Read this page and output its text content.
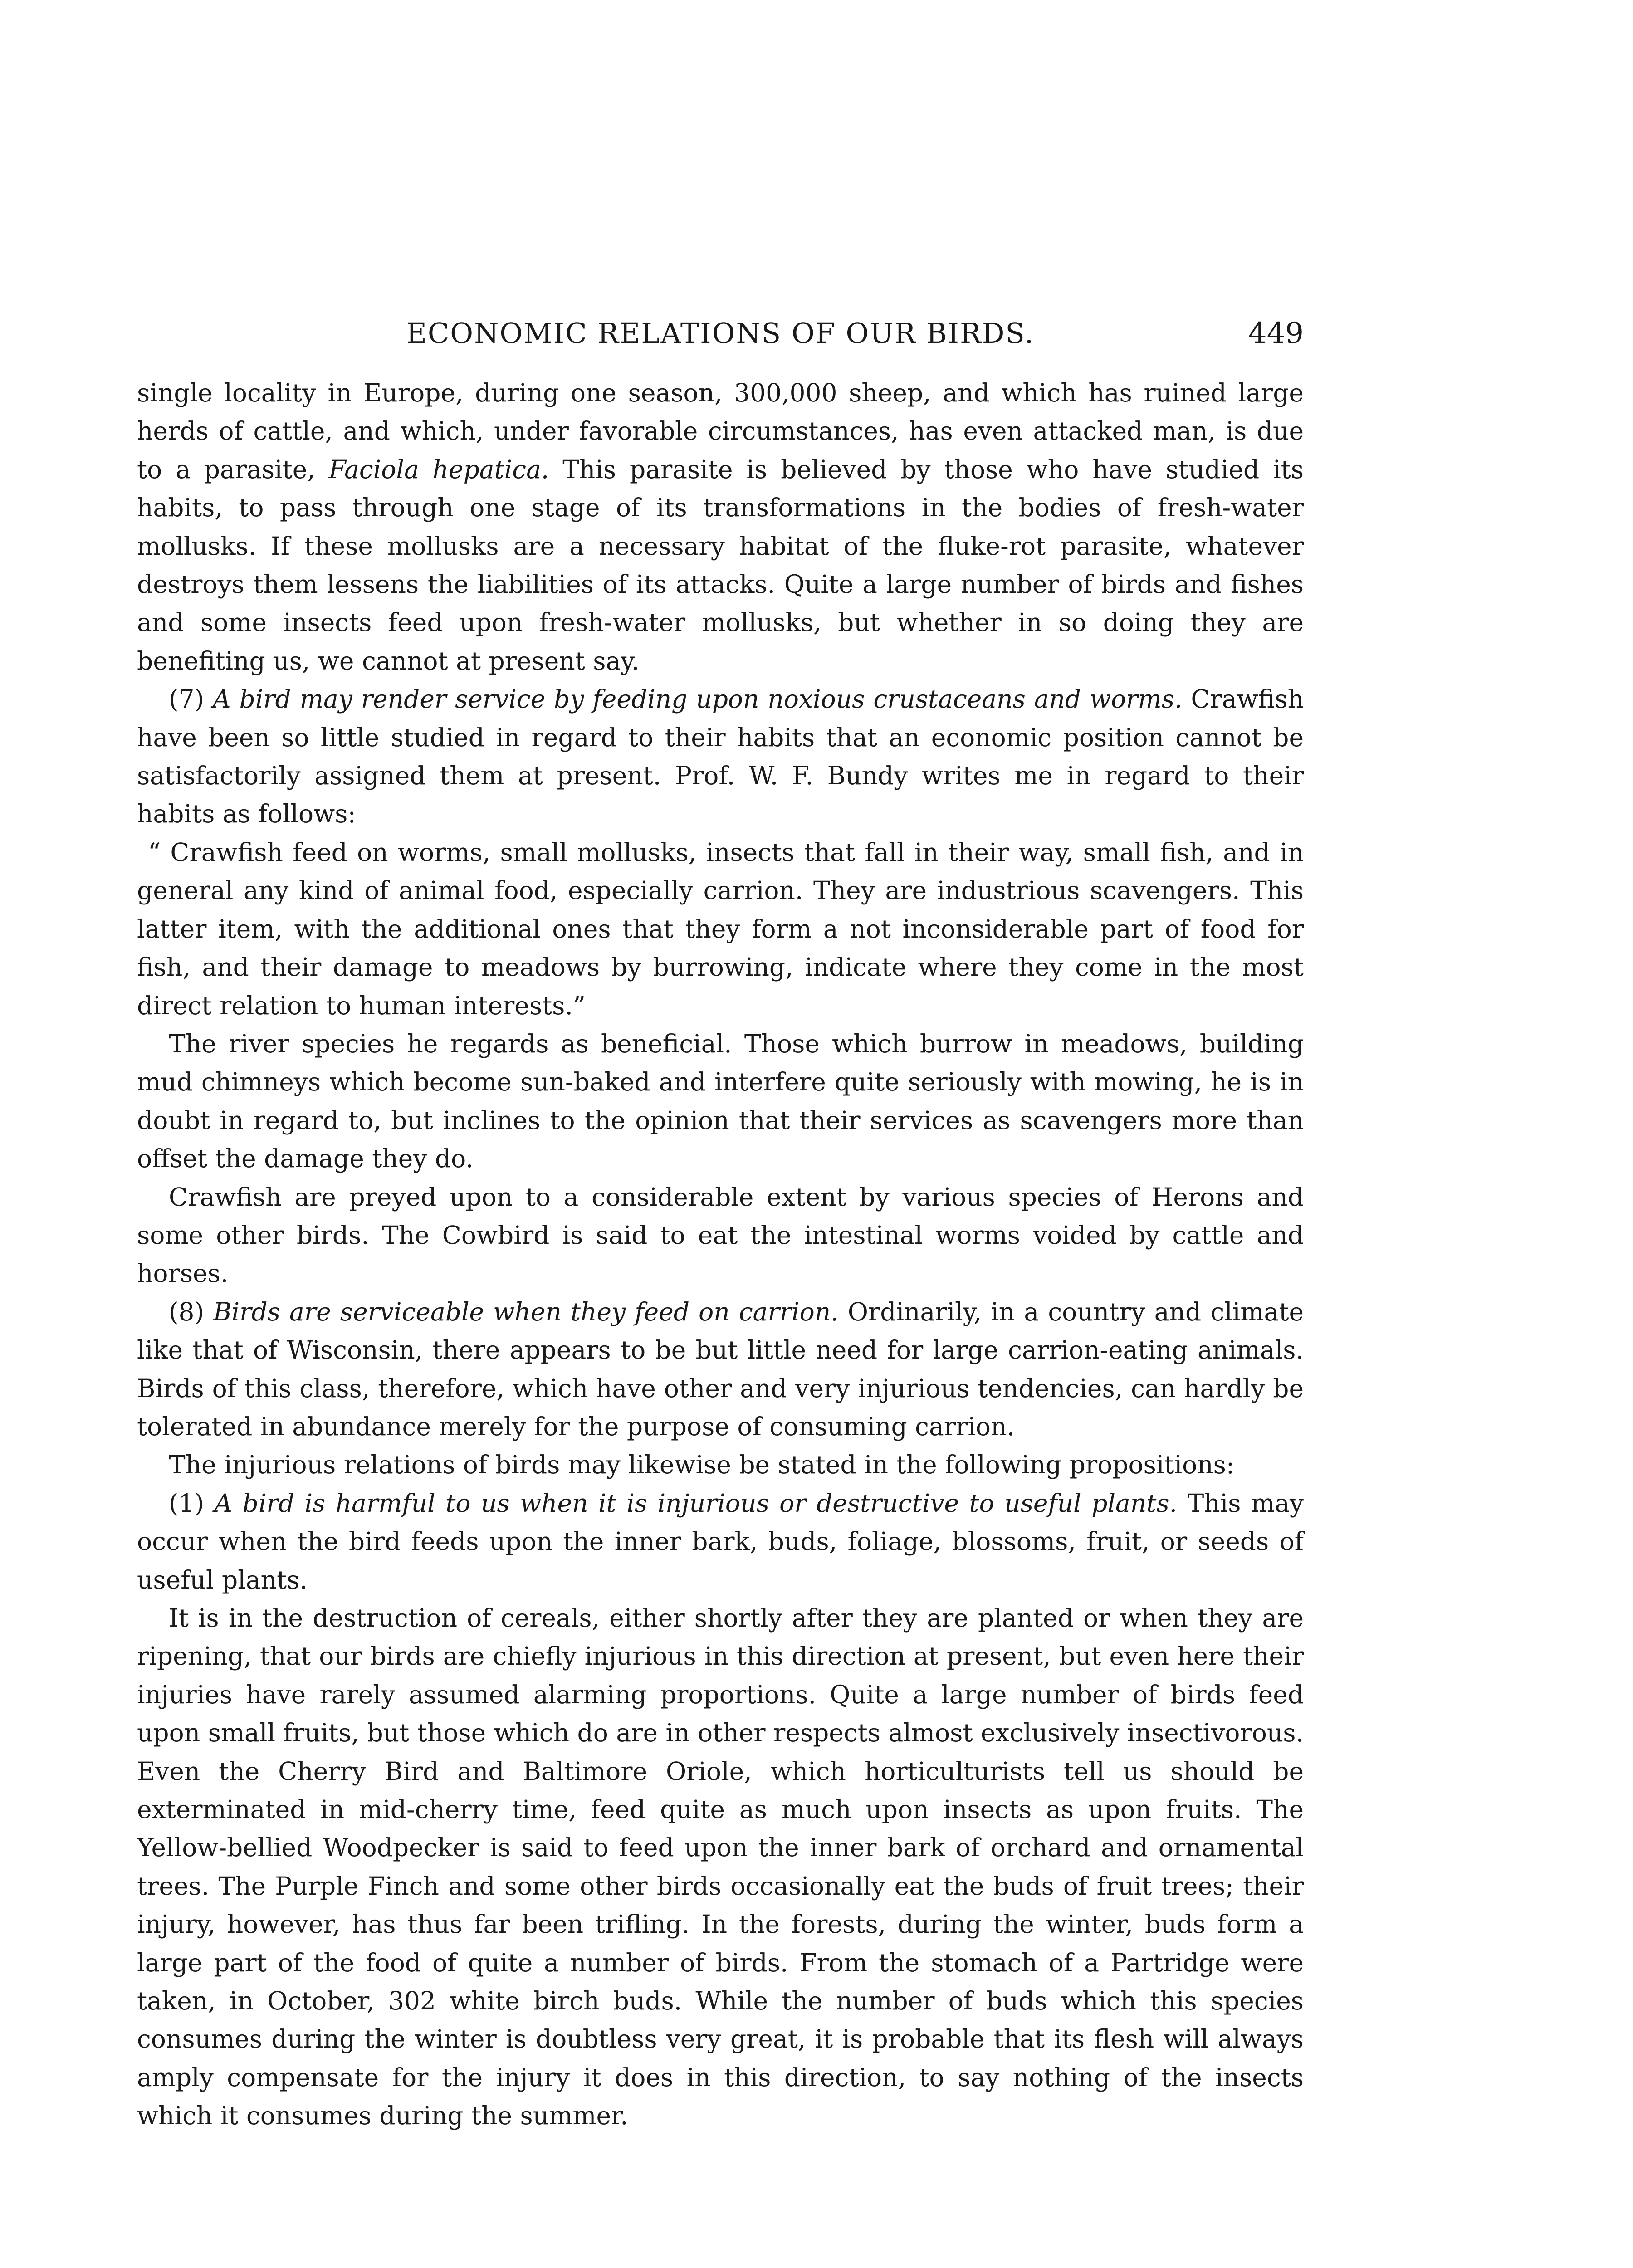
ECONOMIC RELATIONS OF OUR BIRDS.	449

single locality in Europe, during one season, 300,000 sheep, and which has ruined large herds of cattle, and which, under favorable circumstances, has even attacked man, is due to a parasite, Faciola hepatica. This parasite is believed by those who have studied its habits, to pass through one stage of its transformations in the bodies of fresh-water mollusks. If these mollusks are a necessary habitat of the fluke-rot parasite, whatever destroys them lessens the liabilities of its attacks. Quite a large number of birds and fishes and some insects feed upon fresh-water mollusks, but whether in so doing they are benefiting us, we cannot at present say.

(7) A bird may render service by feeding upon noxious crustaceans and worms. Crawfish have been so little studied in regard to their habits that an economic position cannot be satisfactorily assigned them at present. Prof. W. F. Bundy writes me in regard to their habits as follows:

“ Crawfish feed on worms, small mollusks, insects that fall in their way, small fish, and in general any kind of animal food, especially carrion. They are industrious scavengers. This latter item, with the additional ones that they form a not inconsiderable part of food for fish, and their damage to meadows by burrowing, indicate where they come in the most direct relation to human interests.”

The river species he regards as beneficial. Those which burrow in meadows, building mud chimneys which become sun-baked and interfere quite seriously with mowing, he is in doubt in regard to, but inclines to the opinion that their services as scavengers more than offset the damage they do.

Crawfish are preyed upon to a considerable extent by various species of Herons and some other birds. The Cowbird is said to eat the intestinal worms voided by cattle and horses.

(8) Birds are serviceable when they feed on carrion. Ordinarily, in a country and climate like that of Wisconsin, there appears to be but little need for large carrion-eating animals. Birds of this class, therefore, which have other and very injurious tendencies, can hardly be tolerated in abundance merely for the purpose of consuming carrion.

The injurious relations of birds may likewise be stated in the following propositions:

(1) A bird is harmful to us when it is injurious or destructive to useful plants. This may occur when the bird feeds upon the inner bark, buds, foliage, blossoms, fruit, or seeds of useful plants.

It is in the destruction of cereals, either shortly after they are planted or when they are ripening, that our birds are chiefly injurious in this direction at present, but even here their injuries have rarely assumed alarming proportions. Quite a large number of birds feed upon small fruits, but those which do are in other respects almost exclusively insectivorous. Even the Cherry Bird and Baltimore Oriole, which horticulturists tell us should be exterminated in mid-cherry time, feed quite as much upon insects as upon fruits. The Yellow-bellied Woodpecker is said to feed upon the inner bark of orchard and ornamental trees. The Purple Finch and some other birds occasionally eat the buds of fruit trees; their injury, however, has thus far been trifling. In the forests, during the winter, buds form a large part of the food of quite a number of birds. From the stomach of a Partridge were taken, in October, 302 white birch buds. While the number of buds which this species consumes during the winter is doubtless very great, it is probable that its flesh will always amply compensate for the injury it does in this direction, to say nothing of the insects which it consumes during the summer.
